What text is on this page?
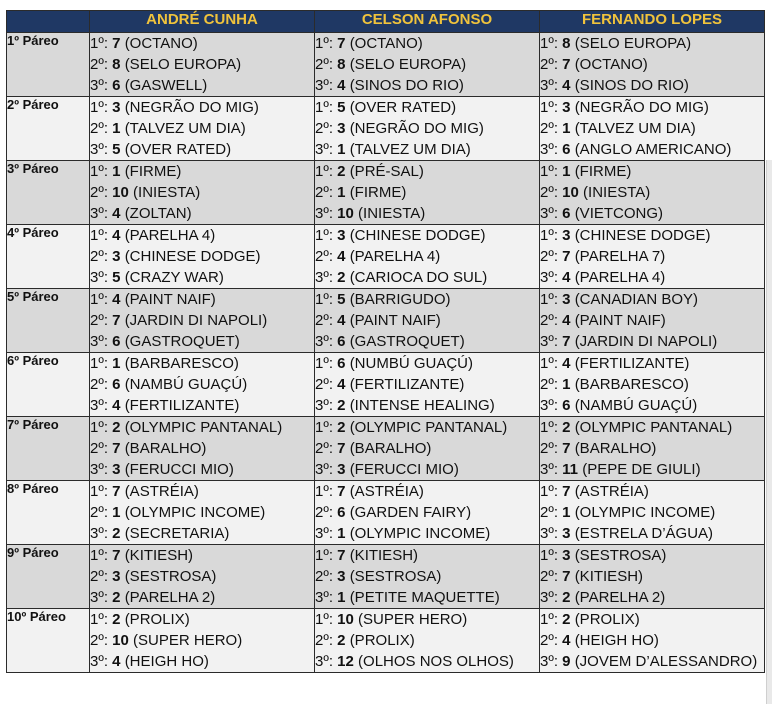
	ANDRÉ CUNHA	CELSON AFONSO	FERNANDO LOPES
1º Páreo	1º: 7 (OCTANO)
2º: 8 (SELO EUROPA)
3º: 6 (GASWELL)	1º: 7 (OCTANO)
2º: 8 (SELO EUROPA)
3º: 4 (SINOS DO RIO)	1º: 8 (SELO EUROPA)
2º: 7 (OCTANO)
3º: 4 (SINOS DO RIO)

2º Páreo	1º: 3 (NEGRÃO DO MIG)
2º: 1 (TALVEZ UM DIA)
3º: 5 (OVER RATED)	1º: 5 (OVER RATED)
2º: 3 (NEGRÃO DO MIG)
3º: 1 (TALVEZ UM DIA)	1º: 3 (NEGRÃO DO MIG)
2º: 1 (TALVEZ UM DIA)
3º: 6 (ANGLO AMERICANO)

3º Páreo	1º: 1 (FIRME)
2º: 10 (INIESTA)
3º: 4 (ZOLTAN)	1º: 2 (PRÉ-SAL)
2º: 1 (FIRME)
3º: 10 (INIESTA)	1º: 1 (FIRME)
2º: 10 (INIESTA)
3º: 6 (VIETCONG)

4º Páreo	1º: 4 (PARELHA 4)
2º: 3 (CHINESE DODGE)
3º: 5 (CRAZY WAR)	1º: 3 (CHINESE DODGE)
2º: 4 (PARELHA 4)
3º: 2 (CARIOCA DO SUL)	1º: 3 (CHINESE DODGE)
2º: 7 (PARELHA 7)
3º: 4 (PARELHA 4)

5º Páreo	1º: 4 (PAINT NAIF)
2º: 7 (JARDIN DI NAPOLI)
3º: 6 (GASTROQUET)	1º: 5 (BARRIGUDO)
2º: 4 (PAINT NAIF)
3º: 6 (GASTROQUET)	1º: 3 (CANADIAN BOY)
2º: 4 (PAINT NAIF)
3º: 7 (JARDIN DI NAPOLI)

6º Páreo	1º: 1 (BARBARESCO)
2º: 6 (NAMBÚ GUAÇÚ)
3º: 4 (FERTILIZANTE)	1º: 6 (NUMBÚ GUAÇÚ)
2º: 4 (FERTILIZANTE)
3º: 2 (INTENSE HEALING)	1º: 4 (FERTILIZANTE)
2º: 1 (BARBARESCO)
3º: 6 (NAMBÚ GUAÇÚ)

7º Páreo	1º: 2 (OLYMPIC PANTANAL)
2º: 7 (BARALHO)
3º: 3 (FERUCCI MIO)	1º: 2 (OLYMPIC PANTANAL)
2º: 7 (BARALHO)
3º: 3 (FERUCCI MIO)	1º: 2 (OLYMPIC PANTANAL)
2º: 7 (BARALHO)
3º: 11 (PEPE DE GIULI)

8º Páreo	1º: 7 (ASTRÉIA)
2º: 1 (OLYMPIC INCOME)
3º: 2 (SECRETARIA)	1º: 7 (ASTRÉIA)
2º: 6 (GARDEN FAIRY)
3º: 1 (OLYMPIC INCOME)	1º: 7 (ASTRÉIA)
2º: 1 (OLYMPIC INCOME)
3º: 3 (ESTRELA D’ÁGUA)

9º Páreo	1º: 7 (KITIESH)
2º: 3 (SESTROSA)
3º: 2 (PARELHA 2)	1º: 7 (KITIESH)
2º: 3 (SESTROSA)
3º: 1 (PETITE MAQUETTE)	1º: 3 (SESTROSA)
2º: 7 (KITIESH)
3º: 2 (PARELHA 2)

10º Páreo	1º: 2 (PROLIX)
2º: 10 (SUPER HERO)
3º: 4 (HEIGH HO)	1º: 10 (SUPER HERO)
2º: 2 (PROLIX)
3º: 12 (OLHOS NOS OLHOS)	1º: 2 (PROLIX)
2º: 4 (HEIGH HO)
3º: 9 (JOVEM D’ALESSANDRO)
